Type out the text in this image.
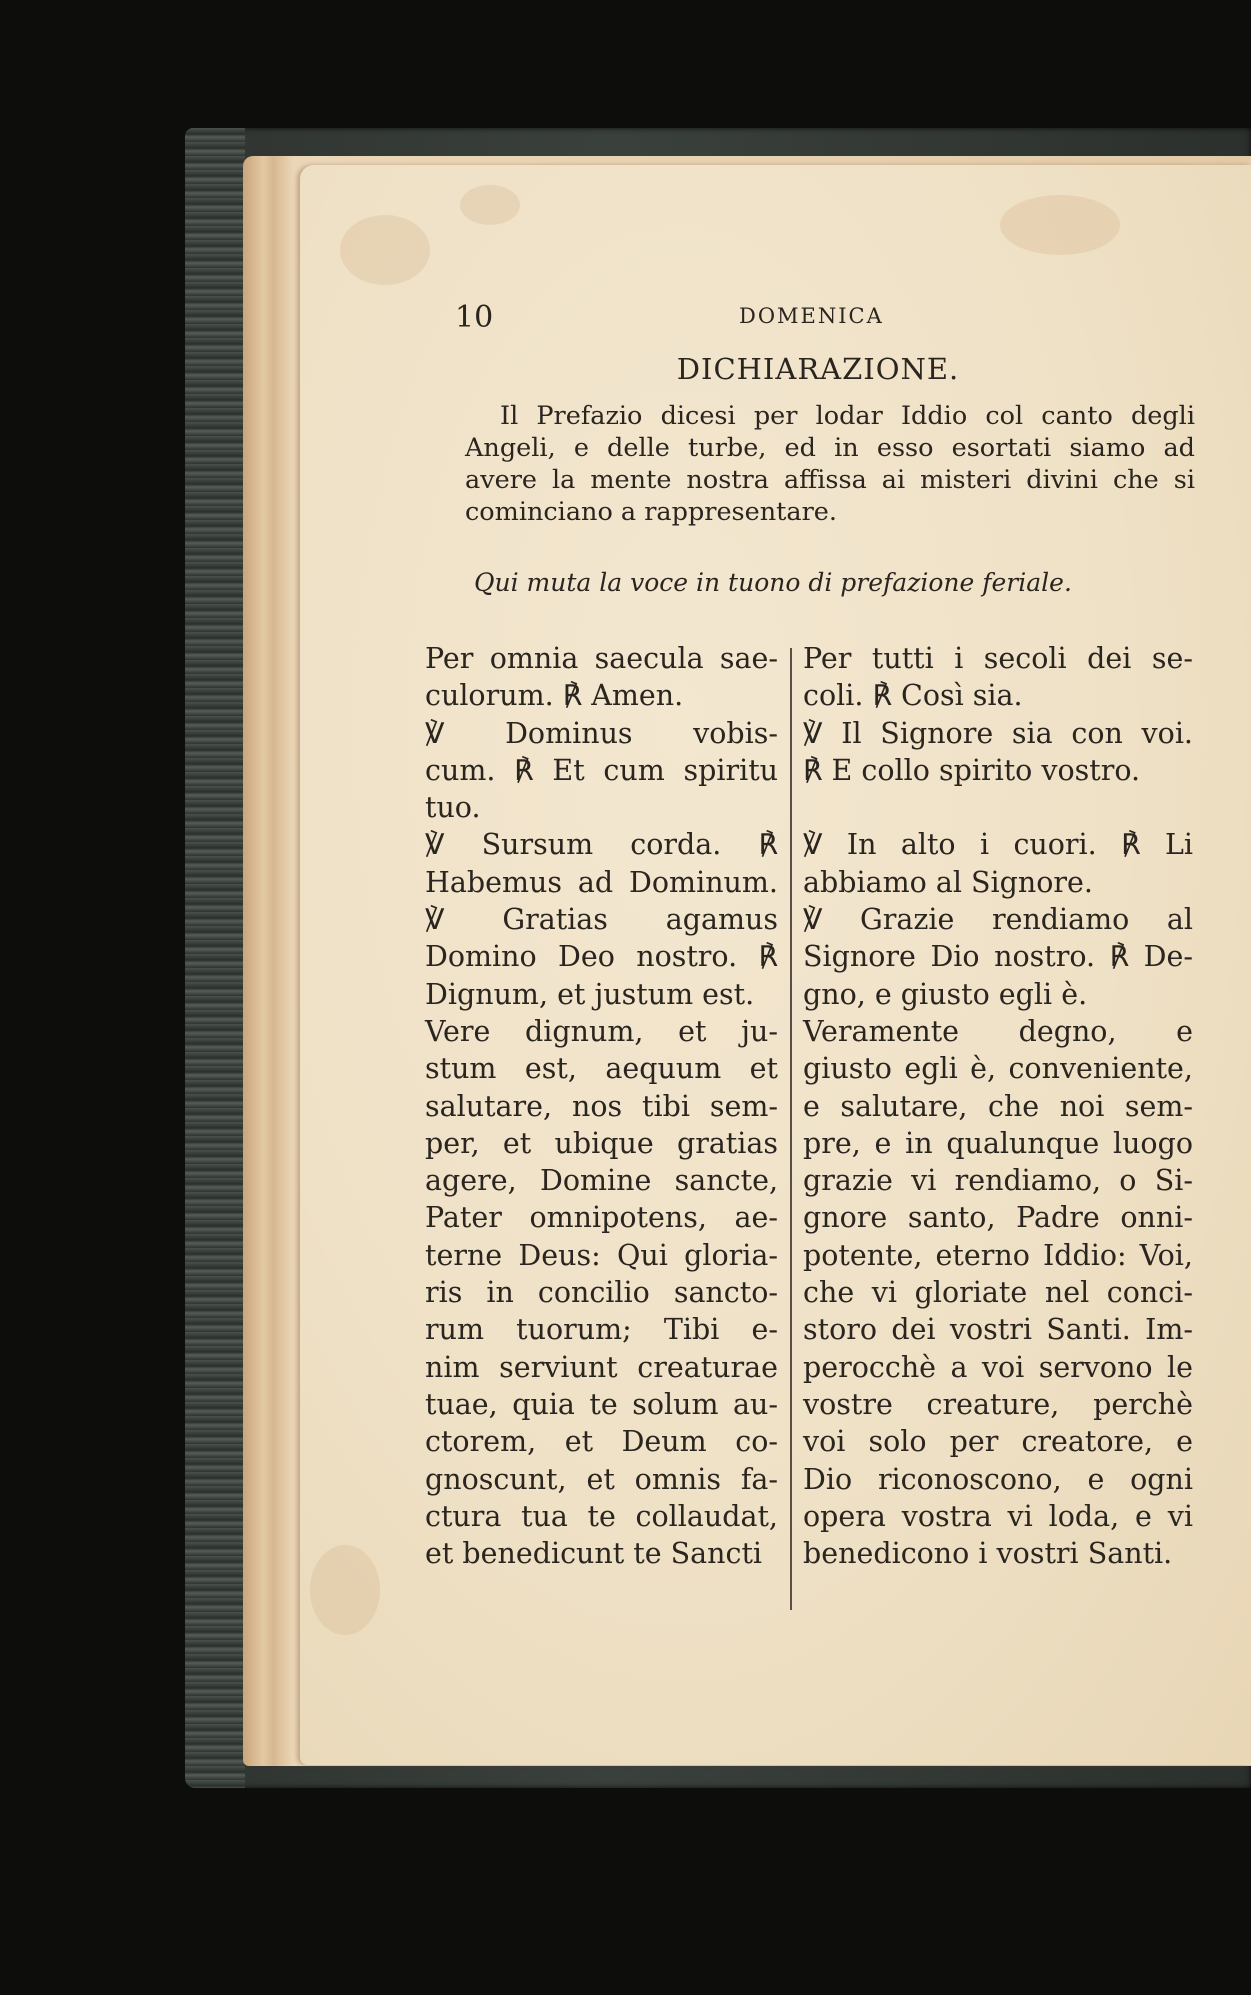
10	DOMENICA
DICHIARAZIONE.
Il Prefazio dicesi per lodar Iddio col canto degli
Angeli, e delle turbe, ed in esso esortati siamo ad
avere la mente nostra affissa ai misteri divini che si
cominciano a rappresentare.
Qui muta la voce in tuono di prefazione feriale.
Per omnia saecula sae-
culorum. ℟ Amen.
℣ Dominus vobis-
cum. ℟ Et cum spiritu
tuo.
℣ Sursum corda. ℟
Habemus ad Dominum.
℣ Gratias agamus
Domino Deo nostro. ℟
Dignum, et justum est.
Vere dignum, et ju-
stum est, aequum et
salutare, nos tibi sem-
per, et ubique gratias
agere, Domine sancte,
Pater omnipotens, ae-
terne Deus: Qui gloria-
ris in concilio sancto-
rum tuorum; Tibi e-
nim serviunt creaturae
tuae, quia te solum au-
ctorem, et Deum co-
gnoscunt, et omnis fa-
ctura tua te collaudat,
et benedicunt te Sancti
Per tutti i secoli dei se-
coli. ℟ Così sia.
℣ Il Signore sia con voi.
℟ E collo spirito vostro.
℣ In alto i cuori. ℟ Li
abbiamo al Signore.
℣ Grazie rendiamo al
Signore Dio nostro. ℟ De-
gno, e giusto egli è.
Veramente degno, e
giusto egli è, conveniente,
e salutare, che noi sem-
pre, e in qualunque luogo
grazie vi rendiamo, o Si-
gnore santo, Padre onni-
potente, eterno Iddio: Voi,
che vi gloriate nel conci-
storo dei vostri Santi. Im-
perocchè a voi servono le
vostre creature, perchè
voi solo per creatore, e
Dio riconoscono, e ogni
opera vostra vi loda, e vi
benedicono i vostri Santi.
